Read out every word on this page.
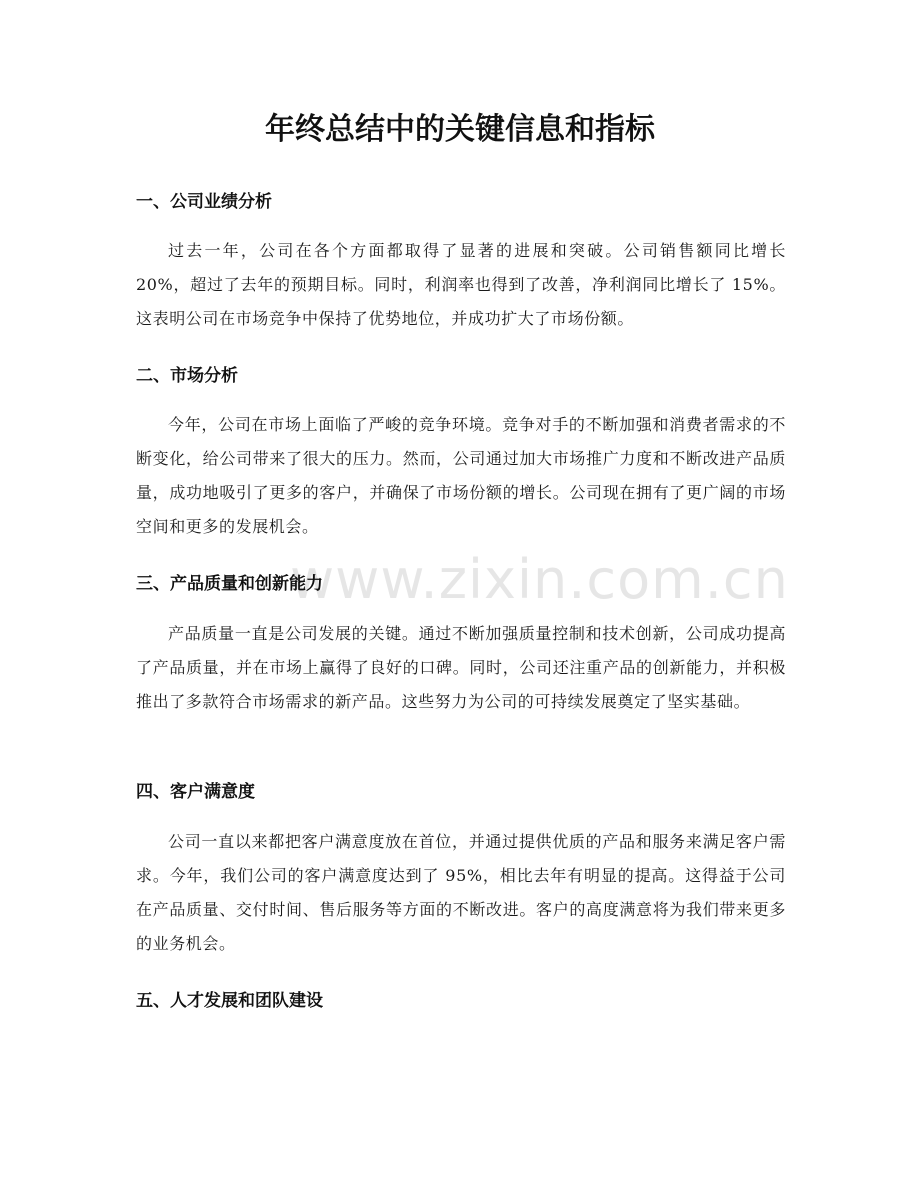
www.zixin.com.cn
年终总结中的关键信息和指标
一、公司业绩分析

过去一年，公司在各个方面都取得了显著的进展和突破。公司销售额同比增长 20%，超过了去年的预期目标。同时，利润率也得到了改善，净利润同比增长了 15%。这表明公司在市场竞争中保持了优势地位，并成功扩大了市场份额。

二、市场分析

今年，公司在市场上面临了严峻的竞争环境。竞争对手的不断加强和消费者需求的不断变化，给公司带来了很大的压力。然而，公司通过加大市场推广力度和不断改进产品质量，成功地吸引了更多的客户，并确保了市场份额的增长。公司现在拥有了更广阔的市场空间和更多的发展机会。

三、产品质量和创新能力

产品质量一直是公司发展的关键。通过不断加强质量控制和技术创新，公司成功提高了产品质量，并在市场上赢得了良好的口碑。同时，公司还注重产品的创新能力，并积极推出了多款符合市场需求的新产品。这些努力为公司的可持续发展奠定了坚实基础。

四、客户满意度

公司一直以来都把客户满意度放在首位，并通过提供优质的产品和服务来满足客户需求。今年，我们公司的客户满意度达到了 95%，相比去年有明显的提高。这得益于公司在产品质量、交付时间、售后服务等方面的不断改进。客户的高度满意将为我们带来更多的业务机会。

五、人才发展和团队建设
